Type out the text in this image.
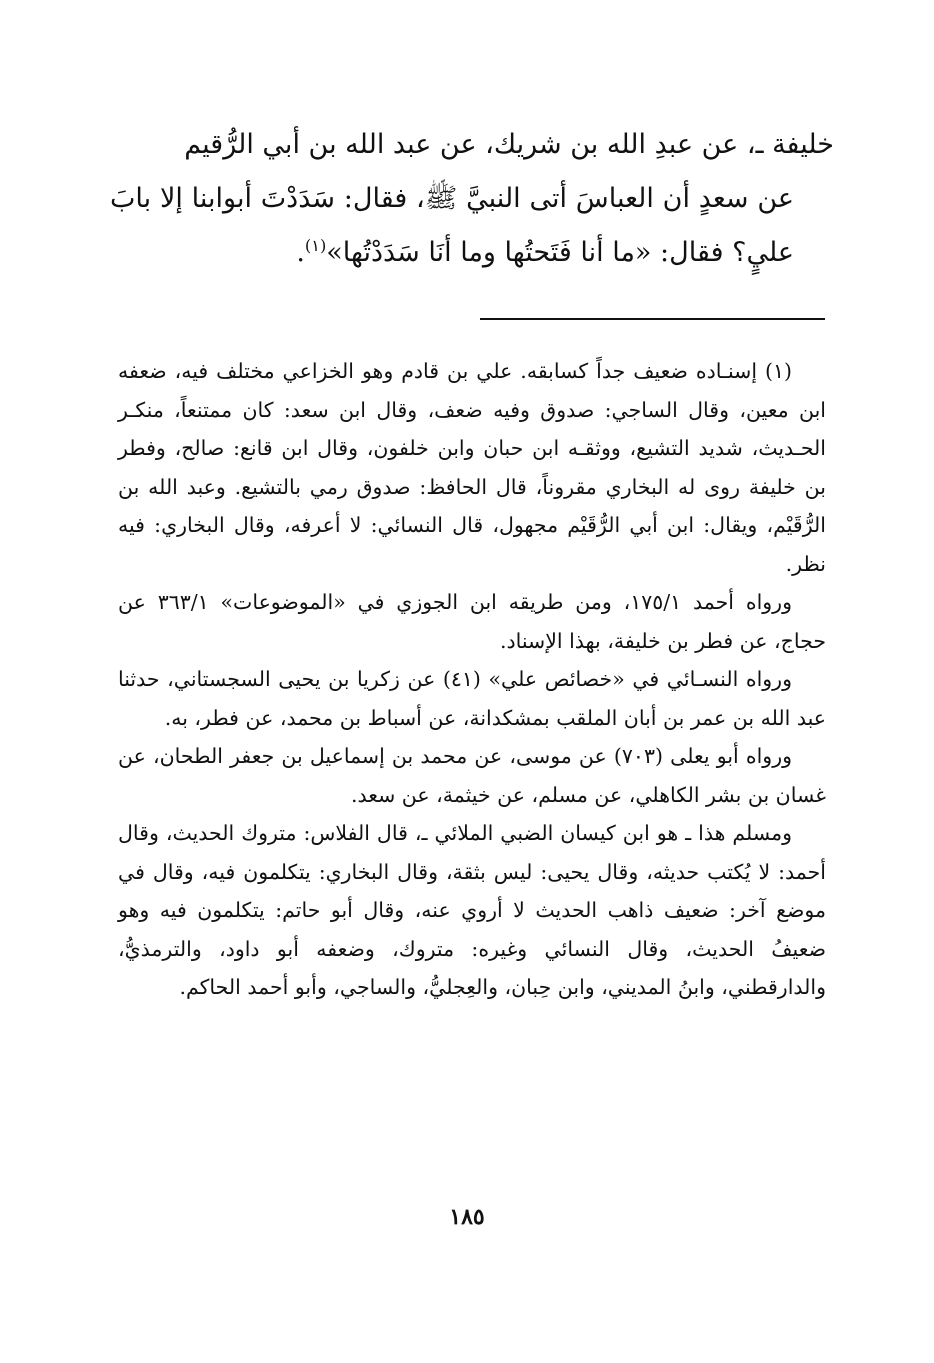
خليفة ـ، عن عبدِ الله بن شريك، عن عبد الله بن أبي الرُّقيم

عن سعدٍ أن العباسَ أتى النبيَّ ﷺ، فقال: سَدَدْتَ أبوابنا إلا بابَ عليٍ؟ فقال: «ما أنا فَتَحتُها وما أنَا سَدَدْتُها»$^{(١)}$.

(١) إسنـاده ضعيف جداً كسابقه. علي بن قادم وهو الخزاعي مختلف فيه، ضعفه ابن معين، وقال الساجي: صدوق وفيه ضعف، وقال ابن سعد: كان ممتنعاً، منكـر الحـديث، شديد التشيع، ووثقـه ابن حبان وابن خلفون، وقال ابن قانع: صالح، وفطر بن خليفة روى له البخاري مقروناً، قال الحافظ: صدوق رمي بالتشيع. وعبد الله بن الرُّقَيْم، ويقال: ابن أبي الرُّقَيْم مجهول، قال النسائي: لا أعرفه، وقال البخاري: فيه نظر.

ورواه أحمد ١٧٥/١، ومن طريقه ابن الجوزي في «الموضوعات» ٣٦٣/١ عن حجاج، عن فطر بن خليفة، بهذا الإسناد.

ورواه النسـائي في «خصائص علي» (٤١) عن زكريا بن يحيى السجستاني، حدثنا عبد الله بن عمر بن أبان الملقب بمشكدانة، عن أسباط بن محمد، عن فطر، به.

ورواه أبو يعلى (٧٠٣) عن موسى، عن محمد بن إسماعيل بن جعفر الطحان، عن غسان بن بشر الكاهلي، عن مسلم، عن خيثمة، عن سعد.

ومسلم هذا ـ هو ابن كيسان الضبي الملائي ـ، قال الفلاس: متروك الحديث، وقال أحمد: لا يُكتب حديثه، وقال يحيى: ليس بثقة، وقال البخاري: يتكلمون فيه، وقال في موضع آخر: ضعيف ذاهب الحديث لا أروي عنه، وقال أبو حاتم: يتكلمون فيه وهو ضعيفُ الحديث، وقال النسائي وغيره: متروك، وضعفه أبو داود، والترمذيُّ، والدارقطني، وابنُ المديني، وابن حِبان، والعِجليُّ، والساجي، وأبو أحمد الحاكم.

١٨٥
